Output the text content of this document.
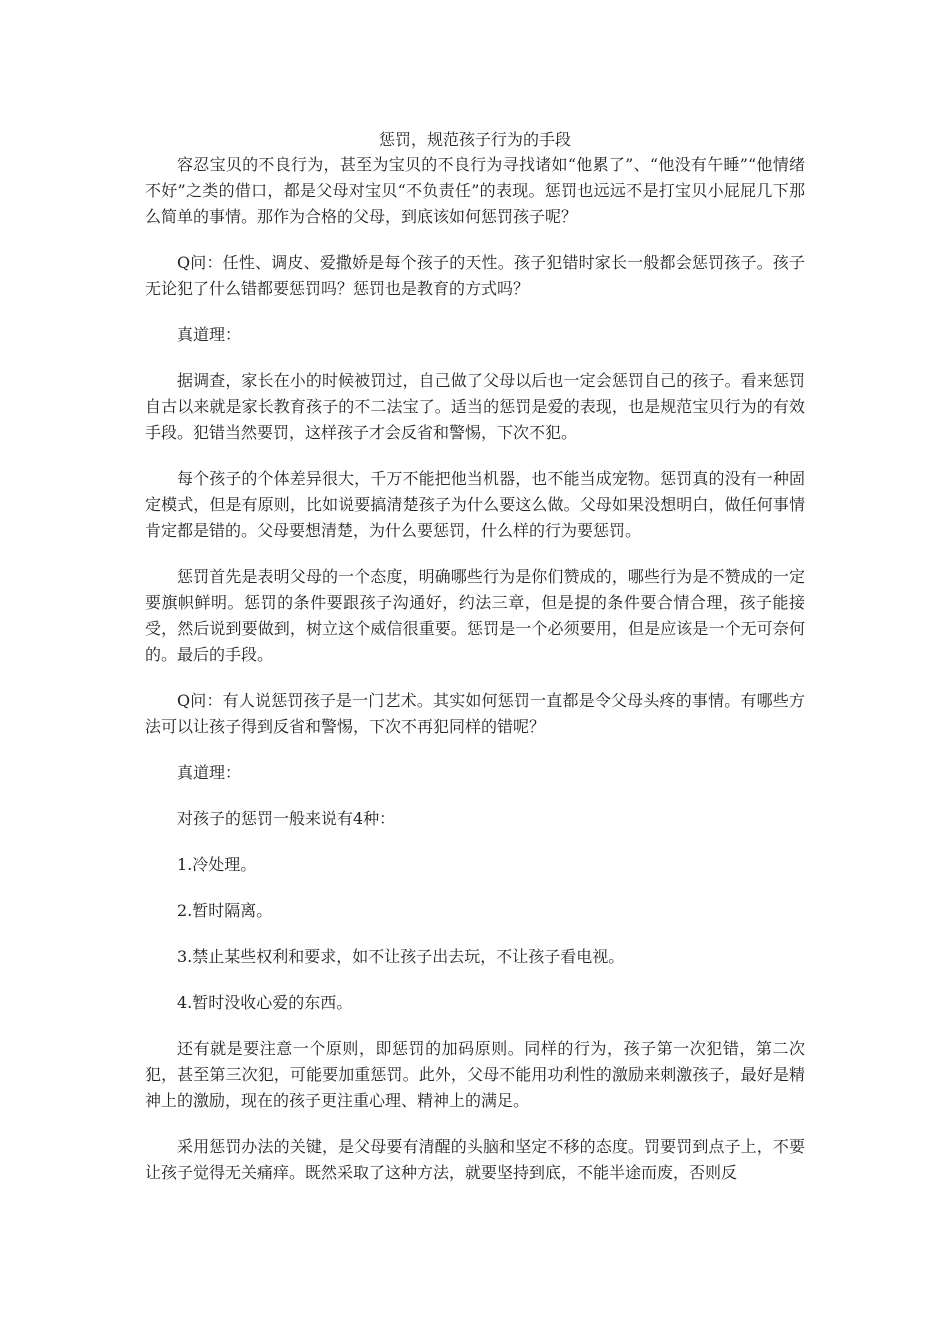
惩罚，规范孩子行为的手段

容忍宝贝的不良行为，甚至为宝贝的不良行为寻找诸如“他累了”、“他没有午睡”“他情绪不好”之类的借口，都是父母对宝贝“不负责任”的表现。惩罚也远远不是打宝贝小屁屁几下那么简单的事情。那作为合格的父母，到底该如何惩罚孩子呢？

Q问：任性、调皮、爱撒娇是每个孩子的天性。孩子犯错时家长一般都会惩罚孩子。孩子无论犯了什么错都要惩罚吗？惩罚也是教育的方式吗？

真道理：

据调查，家长在小的时候被罚过，自己做了父母以后也一定会惩罚自己的孩子。看来惩罚自古以来就是家长教育孩子的不二法宝了。适当的惩罚是爱的表现，也是规范宝贝行为的有效手段。犯错当然要罚，这样孩子才会反省和警惕，下次不犯。

每个孩子的个体差异很大，千万不能把他当机器，也不能当成宠物。惩罚真的没有一种固定模式，但是有原则，比如说要搞清楚孩子为什么要这么做。父母如果没想明白，做任何事情肯定都是错的。父母要想清楚，为什么要惩罚，什么样的行为要惩罚。

惩罚首先是表明父母的一个态度，明确哪些行为是你们赞成的，哪些行为是不赞成的一定要旗帜鲜明。惩罚的条件要跟孩子沟通好，约法三章，但是提的条件要合情合理，孩子能接受，然后说到要做到，树立这个威信很重要。惩罚是一个必须要用，但是应该是一个无可奈何的。最后的手段。

Q问：有人说惩罚孩子是一门艺术。其实如何惩罚一直都是令父母头疼的事情。有哪些方法可以让孩子得到反省和警惕，下次不再犯同样的错呢？

真道理：

对孩子的惩罚一般来说有4种：

1.冷处理。

2.暂时隔离。

3.禁止某些权利和要求，如不让孩子出去玩，不让孩子看电视。

4.暂时没收心爱的东西。

还有就是要注意一个原则，即惩罚的加码原则。同样的行为，孩子第一次犯错，第二次犯，甚至第三次犯，可能要加重惩罚。此外，父母不能用功利性的激励来刺激孩子，最好是精神上的激励，现在的孩子更注重心理、精神上的满足。

采用惩罚办法的关键，是父母要有清醒的头脑和坚定不移的态度。罚要罚到点子上，不要让孩子觉得无关痛痒。既然采取了这种方法，就要坚持到底，不能半途而废，否则反
